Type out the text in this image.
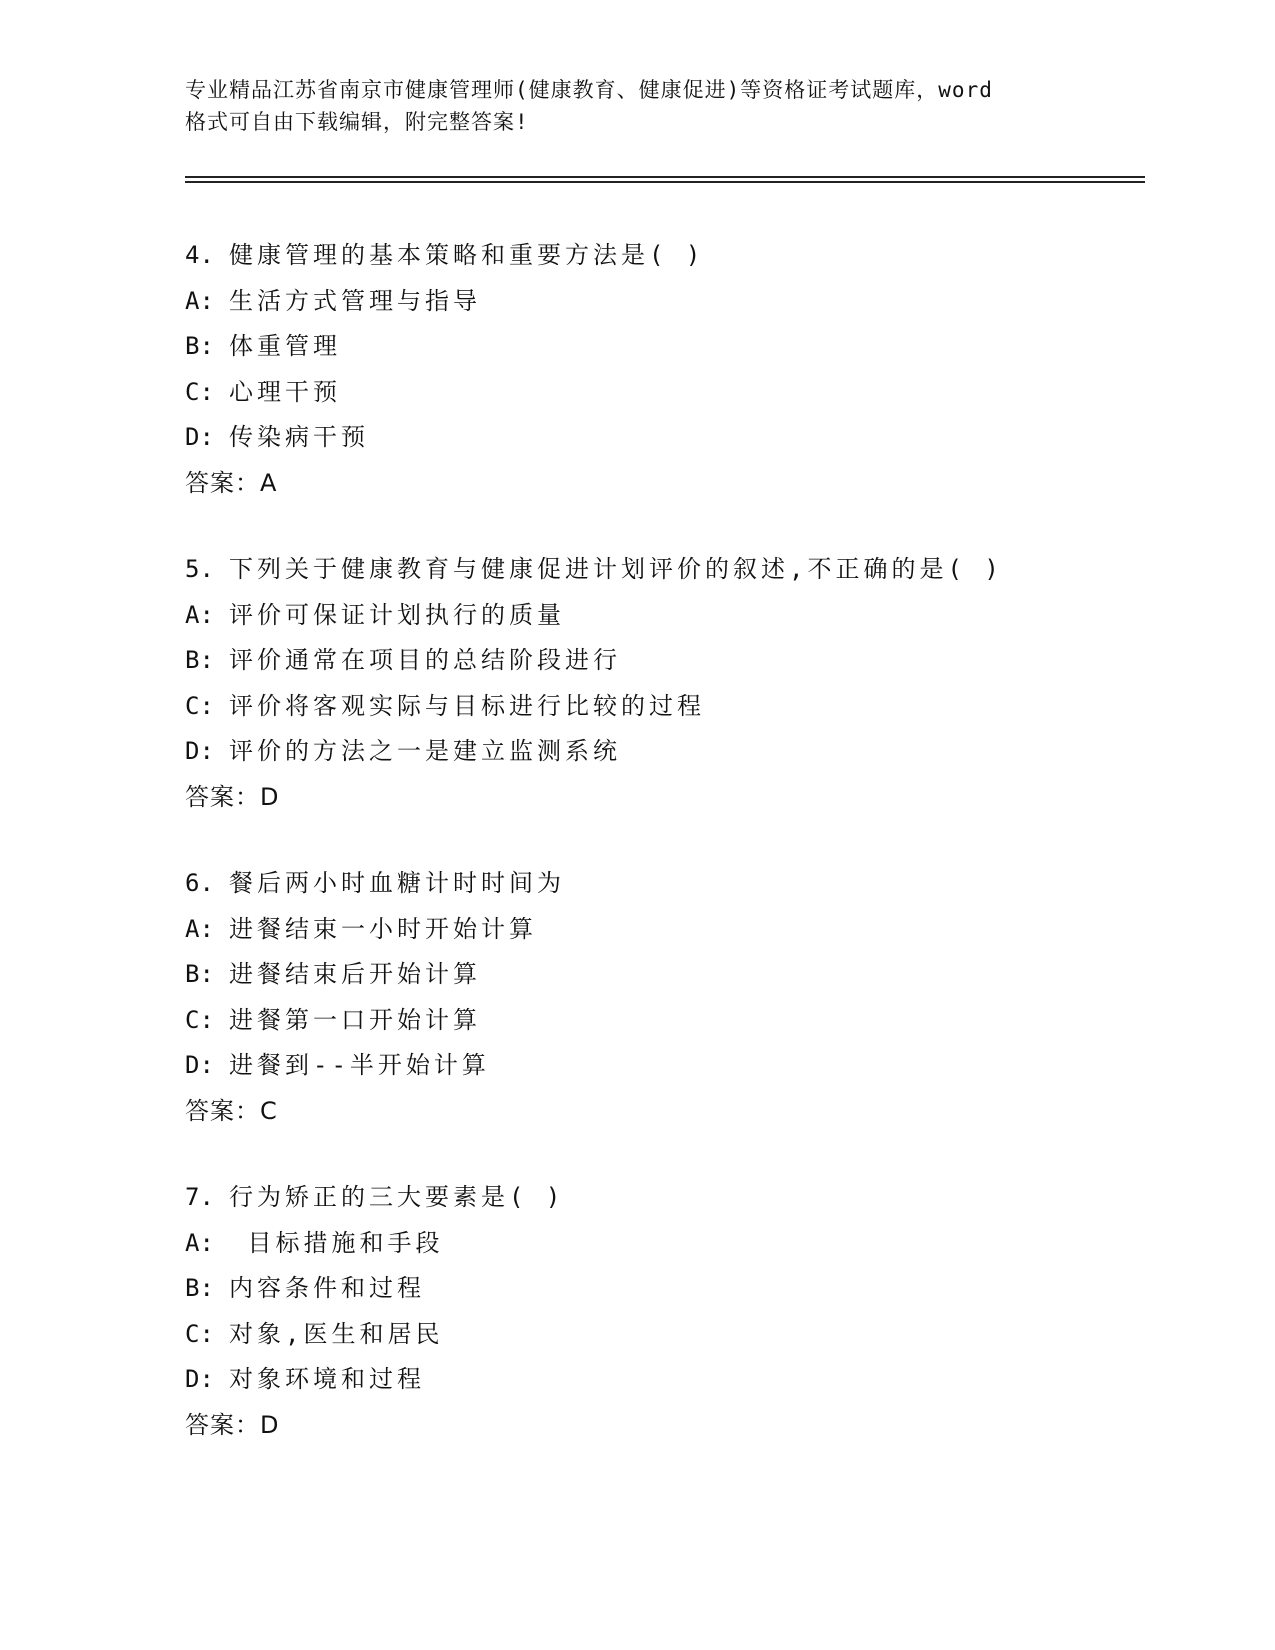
专业精品江苏省南京市健康管理师(健康教育、健康促进)等资格证考试题库，word
格式可自由下载编辑，附完整答案!
4. 健康管理的基本策略和重要方法是( )
A: 生活方式管理与指导
B: 体重管理
C: 心理干预
D: 传染病干预
答案：A
5. 下列关于健康教育与健康促进计划评价的叙述,不正确的是( )
A: 评价可保证计划执行的质量
B: 评价通常在项目的总结阶段进行
C: 评价将客观实际与目标进行比较的过程
D: 评价的方法之一是建立监测系统
答案：D
6. 餐后两小时血糖计时时间为
A: 进餐结束一小时开始计算
B: 进餐结束后开始计算
C: 进餐第一口开始计算
D: 进餐到--半开始计算
答案：C
7. 行为矫正的三大要素是( )
A: 目标措施和手段
B: 内容条件和过程
C: 对象,医生和居民
D: 对象环境和过程
答案：D
